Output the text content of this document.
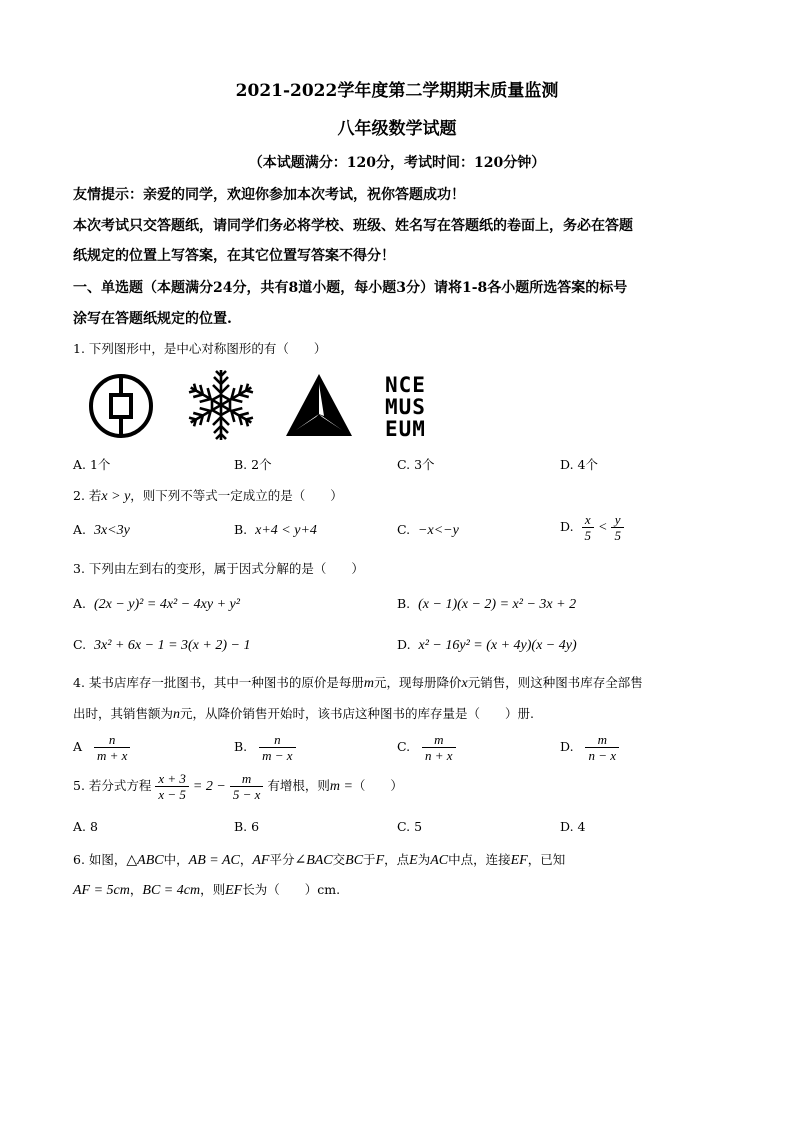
2021-2022学年度第二学期期末质量监测
八年级数学试题
（本试题满分：120分，考试时间：120分钟）
友情提示：亲爱的同学，欢迎你参加本次考试，祝你答题成功！
本次考试只交答题纸，请同学们务必将学校、班级、姓名写在答题纸的卷面上，务必在答题
纸规定的位置上写答案，在其它位置写答案不得分！
一、单选题（本题满分24分，共有8道小题，每小题3分）请将1-8各小题所选答案的标号
涂写在答题纸规定的位置.
1. 下列图形中，是中心对称图形的有（　　）
NCE
MUS
EUM
A. 1个	B. 2个	C. 3个	D. 4个
2. 若x > y，则下列不等式一定成立的是（　　）
A. 3x<3y	B. x+4 < y+4	C. −x<−y	D. $\frac{x}{5} < \frac{y}{5}$
3. 下列由左到右的变形，属于因式分解的是（　　）
A. (2x − y)² = 4x² − 4xy + y²	B. (x − 1)(x − 2) = x² − 3x + 2
C. 3x² + 6x − 1 = 3(x + 2) − 1	D. x² − 16y² = (x + 4y)(x − 4y)
4. 某书店库存一批图书，其中一种图书的原价是每册m元，现每册降价x元销售，则这种图书库存全部售
出时，其销售额为n元，从降价销售开始时，该书店这种图书的库存量是（　　）册.
A $\frac{n}{m + x}$	B. $\frac{n}{m - x}$	C. $\frac{m}{n + x}$	D. $\frac{m}{n - x}$
5. 若分式方程 $\frac{x + 3}{x - 5} = 2 - \frac{m}{5 - x}$ 有增根，则m =（　　）
A. 8	B. 6	C. 5	D. 4
6. 如图，△ABC中，AB = AC，AF平分∠BAC交BC于F，点E为AC中点，连接EF，已知
AF = 5cm，BC = 4cm，则EF长为（　　）cm.
